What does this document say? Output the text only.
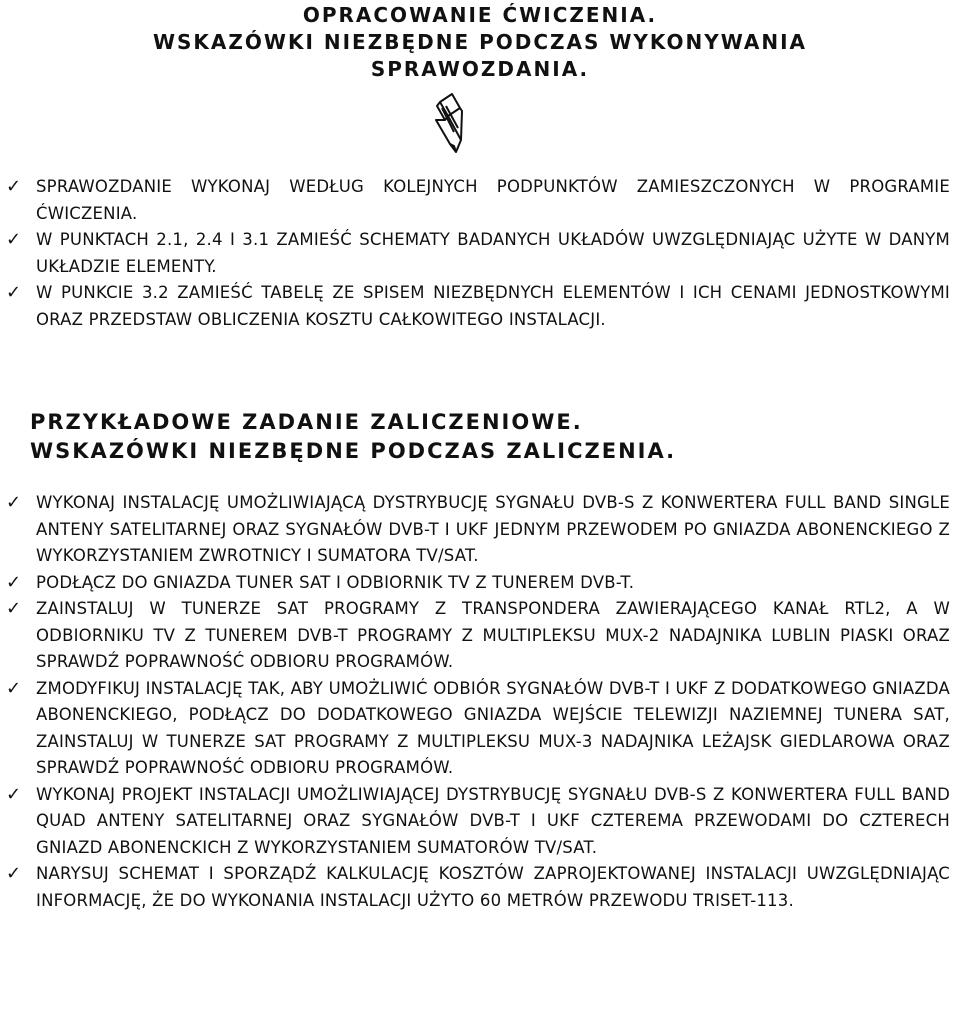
OPRACOWANIE ĆWICZENIA.

WSKAZÓWKI NIEZBĘDNE PODCZAS WYKONYWANIA

SPRAWOZDANIA.

✓ SPRAWOZDANIE WYKONAJ WEDŁUG KOLEJNYCH PODPUNKTÓW ZAMIESZCZONYCH W PROGRAMIE ĆWICZENIA.
✓ W PUNKTACH 2.1, 2.4 I 3.1 ZAMIEŚĆ SCHEMATY BADANYCH UKŁADÓW UWZGLĘDNIAJĄC UŻYTE W DANYM UKŁADZIE ELEMENTY.
✓ W PUNKCIE 3.2 ZAMIEŚĆ TABELĘ ZE SPISEM NIEZBĘDNYCH ELEMENTÓW I ICH CENAMI JEDNOSTKOWYMI ORAZ PRZEDSTAW OBLICZENIA KOSZTU CAŁKOWITEGO INSTALACJI.

PRZYKŁADOWE ZADANIE ZALICZENIOWE.

WSKAZÓWKI NIEZBĘDNE PODCZAS ZALICZENIA.

✓ WYKONAJ INSTALACJĘ UMOŻLIWIAJĄCĄ DYSTRYBUCJĘ SYGNAŁU DVB-S Z KONWERTERA FULL BAND SINGLE ANTENY SATELITARNEJ ORAZ SYGNAŁÓW DVB-T I UKF JEDNYM PRZEWODEM PO GNIAZDA ABONENCKIEGO Z WYKORZYSTANIEM ZWROTNICY I SUMATORA TV/SAT.
✓ PODŁĄCZ DO GNIAZDA TUNER SAT I ODBIORNIK TV Z TUNEREM DVB-T.
✓ ZAINSTALUJ W TUNERZE SAT PROGRAMY Z TRANSPONDERA ZAWIERAJĄCEGO KANAŁ RTL2, A W ODBIORNIKU TV Z TUNEREM DVB-T PROGRAMY Z MULTIPLEKSU MUX-2 NADAJNIKA LUBLIN PIASKI ORAZ SPRAWDŹ POPRAWNOŚĆ ODBIORU PROGRAMÓW.
✓ ZMODYFIKUJ INSTALACJĘ TAK, ABY UMOŻLIWIĆ ODBIÓR SYGNAŁÓW DVB-T I UKF Z DODATKOWEGO GNIAZDA ABONENCKIEGO, PODŁĄCZ DO DODATKOWEGO GNIAZDA WEJŚCIE TELEWIZJI NAZIEMNEJ TUNERA SAT, ZAINSTALUJ W TUNERZE SAT PROGRAMY Z MULTIPLEKSU MUX-3 NADAJNIKA LEŻAJSK GIEDLAROWA ORAZ SPRAWDŹ POPRAWNOŚĆ ODBIORU PROGRAMÓW.
✓ WYKONAJ PROJEKT INSTALACJI UMOŻLIWIAJĄCEJ DYSTRYBUCJĘ SYGNAŁU DVB-S Z KONWERTERA FULL BAND QUAD ANTENY SATELITARNEJ ORAZ SYGNAŁÓW DVB-T I UKF CZTEREMA PRZEWODAMI DO CZTERECH GNIAZD ABONENCKICH Z WYKORZYSTANIEM SUMATORÓW TV/SAT.
✓ NARYSUJ SCHEMAT I SPORZĄDŹ KALKULACJĘ KOSZTÓW ZAPROJEKTOWANEJ INSTALACJI UWZGLĘDNIAJĄC INFORMACJĘ, ŻE DO WYKONANIA INSTALACJI UŻYTO 60 METRÓW PRZEWODU TRISET-113.
